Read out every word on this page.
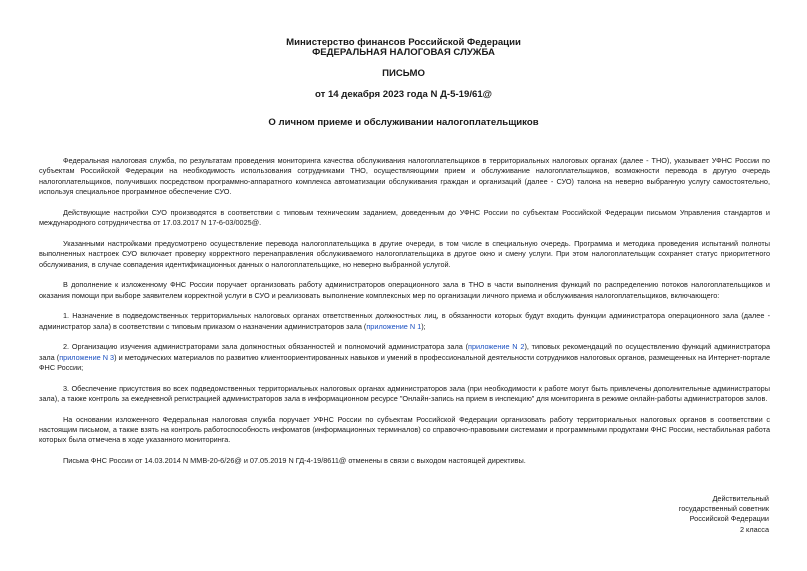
Министерство финансов Российской Федерации
ФЕДЕРАЛЬНАЯ НАЛОГОВАЯ СЛУЖБА
ПИСЬМО
от 14 декабря 2023 года N Д-5-19/61@
О личном приеме и обслуживании налогоплательщиков

Федеральная налоговая служба, по результатам проведения мониторинга качества обслуживания налогоплательщиков в территориальных налоговых органах (далее - ТНО), указывает УФНС России по субъектам Российской Федерации на необходимость использования сотрудниками ТНО, осуществляющими прием и обслуживание налогоплательщиков, возможности перевода в другую очередь налогоплательщиков, получивших посредством программно-аппаратного комплекса автоматизации обслуживания граждан и организаций (далее - СУО) талона на неверно выбранную услугу самостоятельно, используя специальное программное обеспечение СУО.

Действующие настройки СУО производятся в соответствии с типовым техническим заданием, доведенным до УФНС России по субъектам Российской Федерации письмом Управления стандартов и международного сотрудничества от 17.03.2017 N 17-6-03/0025@.

Указанными настройками предусмотрено осуществление перевода налогоплательщика в другие очереди, в том числе в специальную очередь. Программа и методика проведения испытаний полноты выполненных настроек СУО включает проверку корректного перенаправления обслуживаемого налогоплательщика в другое окно и смену услуги. При этом налогоплательщик сохраняет статус приоритетного обслуживания, в случае совпадения идентификационных данных о налогоплательщике, но неверно выбранной услугой.

В дополнение к изложенному ФНС России поручает организовать работу администраторов операционного зала в ТНО в части выполнения функций по распределению потоков налогоплательщиков и оказания помощи при выборе заявителем корректной услуги в СУО и реализовать выполнение комплексных мер по организации личного приема и обслуживания налогоплательщиков, включающего:

1. Назначение в подведомственных территориальных налоговых органах ответственных должностных лиц, в обязанности которых будут входить функции администратора операционного зала (далее - администратор зала) в соответствии с типовым приказом о назначении администраторов зала (приложение N 1);

2. Организацию изучения администраторами зала должностных обязанностей и полномочий администратора зала (приложение N 2), типовых рекомендаций по осуществлению функций администратора зала (приложение N 3) и методических материалов по развитию клиентоориентированных навыков и умений в профессиональной деятельности сотрудников налоговых органов, размещенных на Интернет-портале ФНС России;

3. Обеспечение присутствия во всех подведомственных территориальных налоговых органах администраторов зала (при необходимости к работе могут быть привлечены дополнительные администраторы зала), а также контроль за ежедневной регистрацией администраторов зала в информационном ресурсе "Онлайн-запись на прием в инспекцию" для мониторинга в режиме онлайн-работы администраторов залов.

На основании изложенного Федеральная налоговая служба поручает УФНС России по субъектам Российской Федерации организовать работу территориальных налоговых органов в соответствии с настоящим письмом, а также взять на контроль работоспособность инфоматов (информационных терминалов) со справочно-правовыми системами и программными продуктами ФНС России, нестабильная работа которых была отмечена в ходе указанного мониторинга.

Письма ФНС России от 14.03.2014 N ММВ-20-6/26@ и 07.05.2019 N ГД-4-19/8611@ отменены в связи с выходом настоящей директивы.

Действительный
государственный советник
Российской Федерации
2 класса
